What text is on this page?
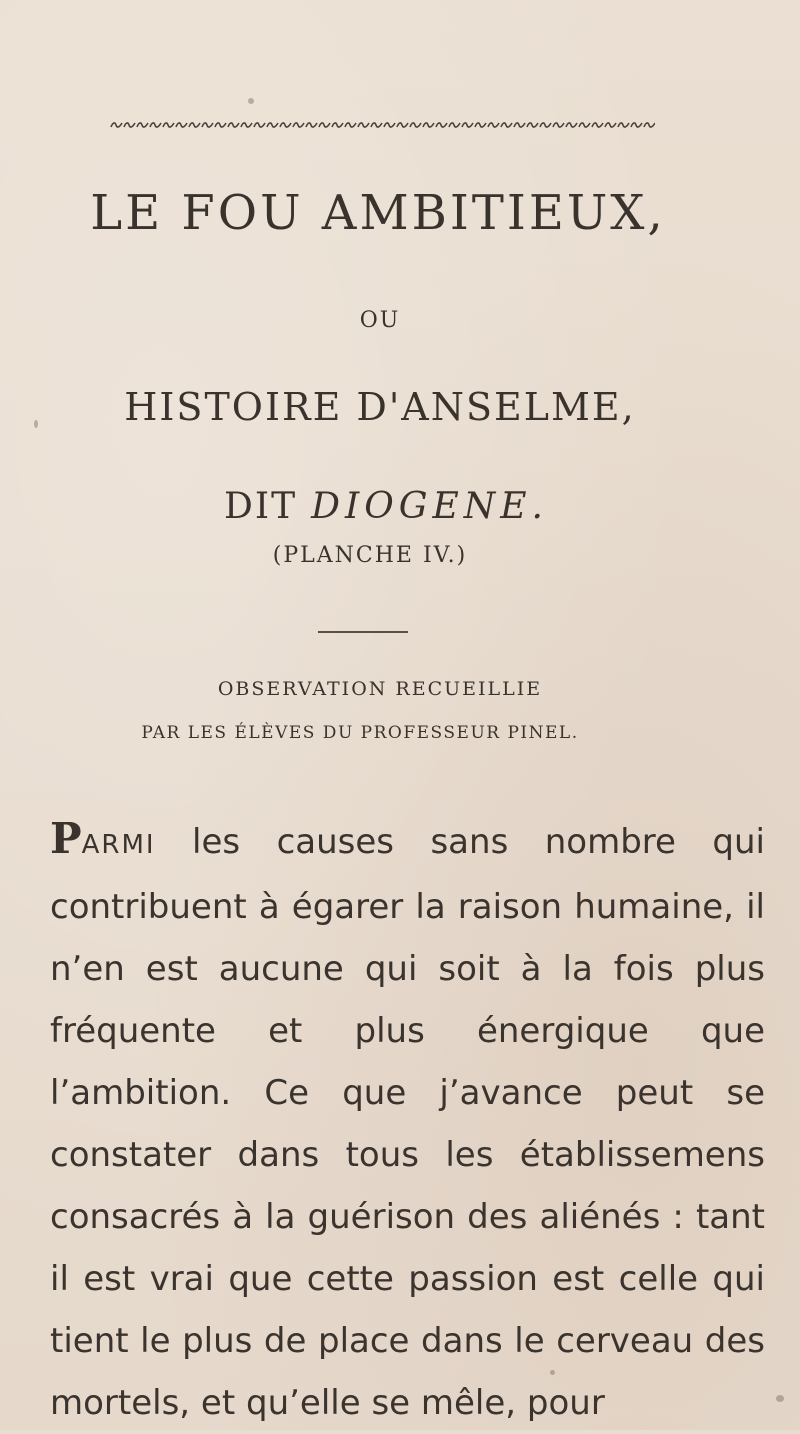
LE FOU AMBITIEUX,
OU
HISTOIRE D'ANSELME,
DIT DIOGENE.
(PLANCHE IV.)
OBSERVATION RECUEILLIE
PAR LES ÉLÈVES DU PROFESSEUR PINEL.

PARMI les causes sans nombre qui contribuent à égarer la raison humaine, il n’en est aucune qui soit à la fois plus fréquente et plus énergique que l’ambition. Ce que j’avance peut se constater dans tous les établissemens consacrés à la guérison des aliénés : tant il est vrai que cette passion est celle qui tient le plus de place dans le cerveau des mortels, et qu’elle se mêle, pour
